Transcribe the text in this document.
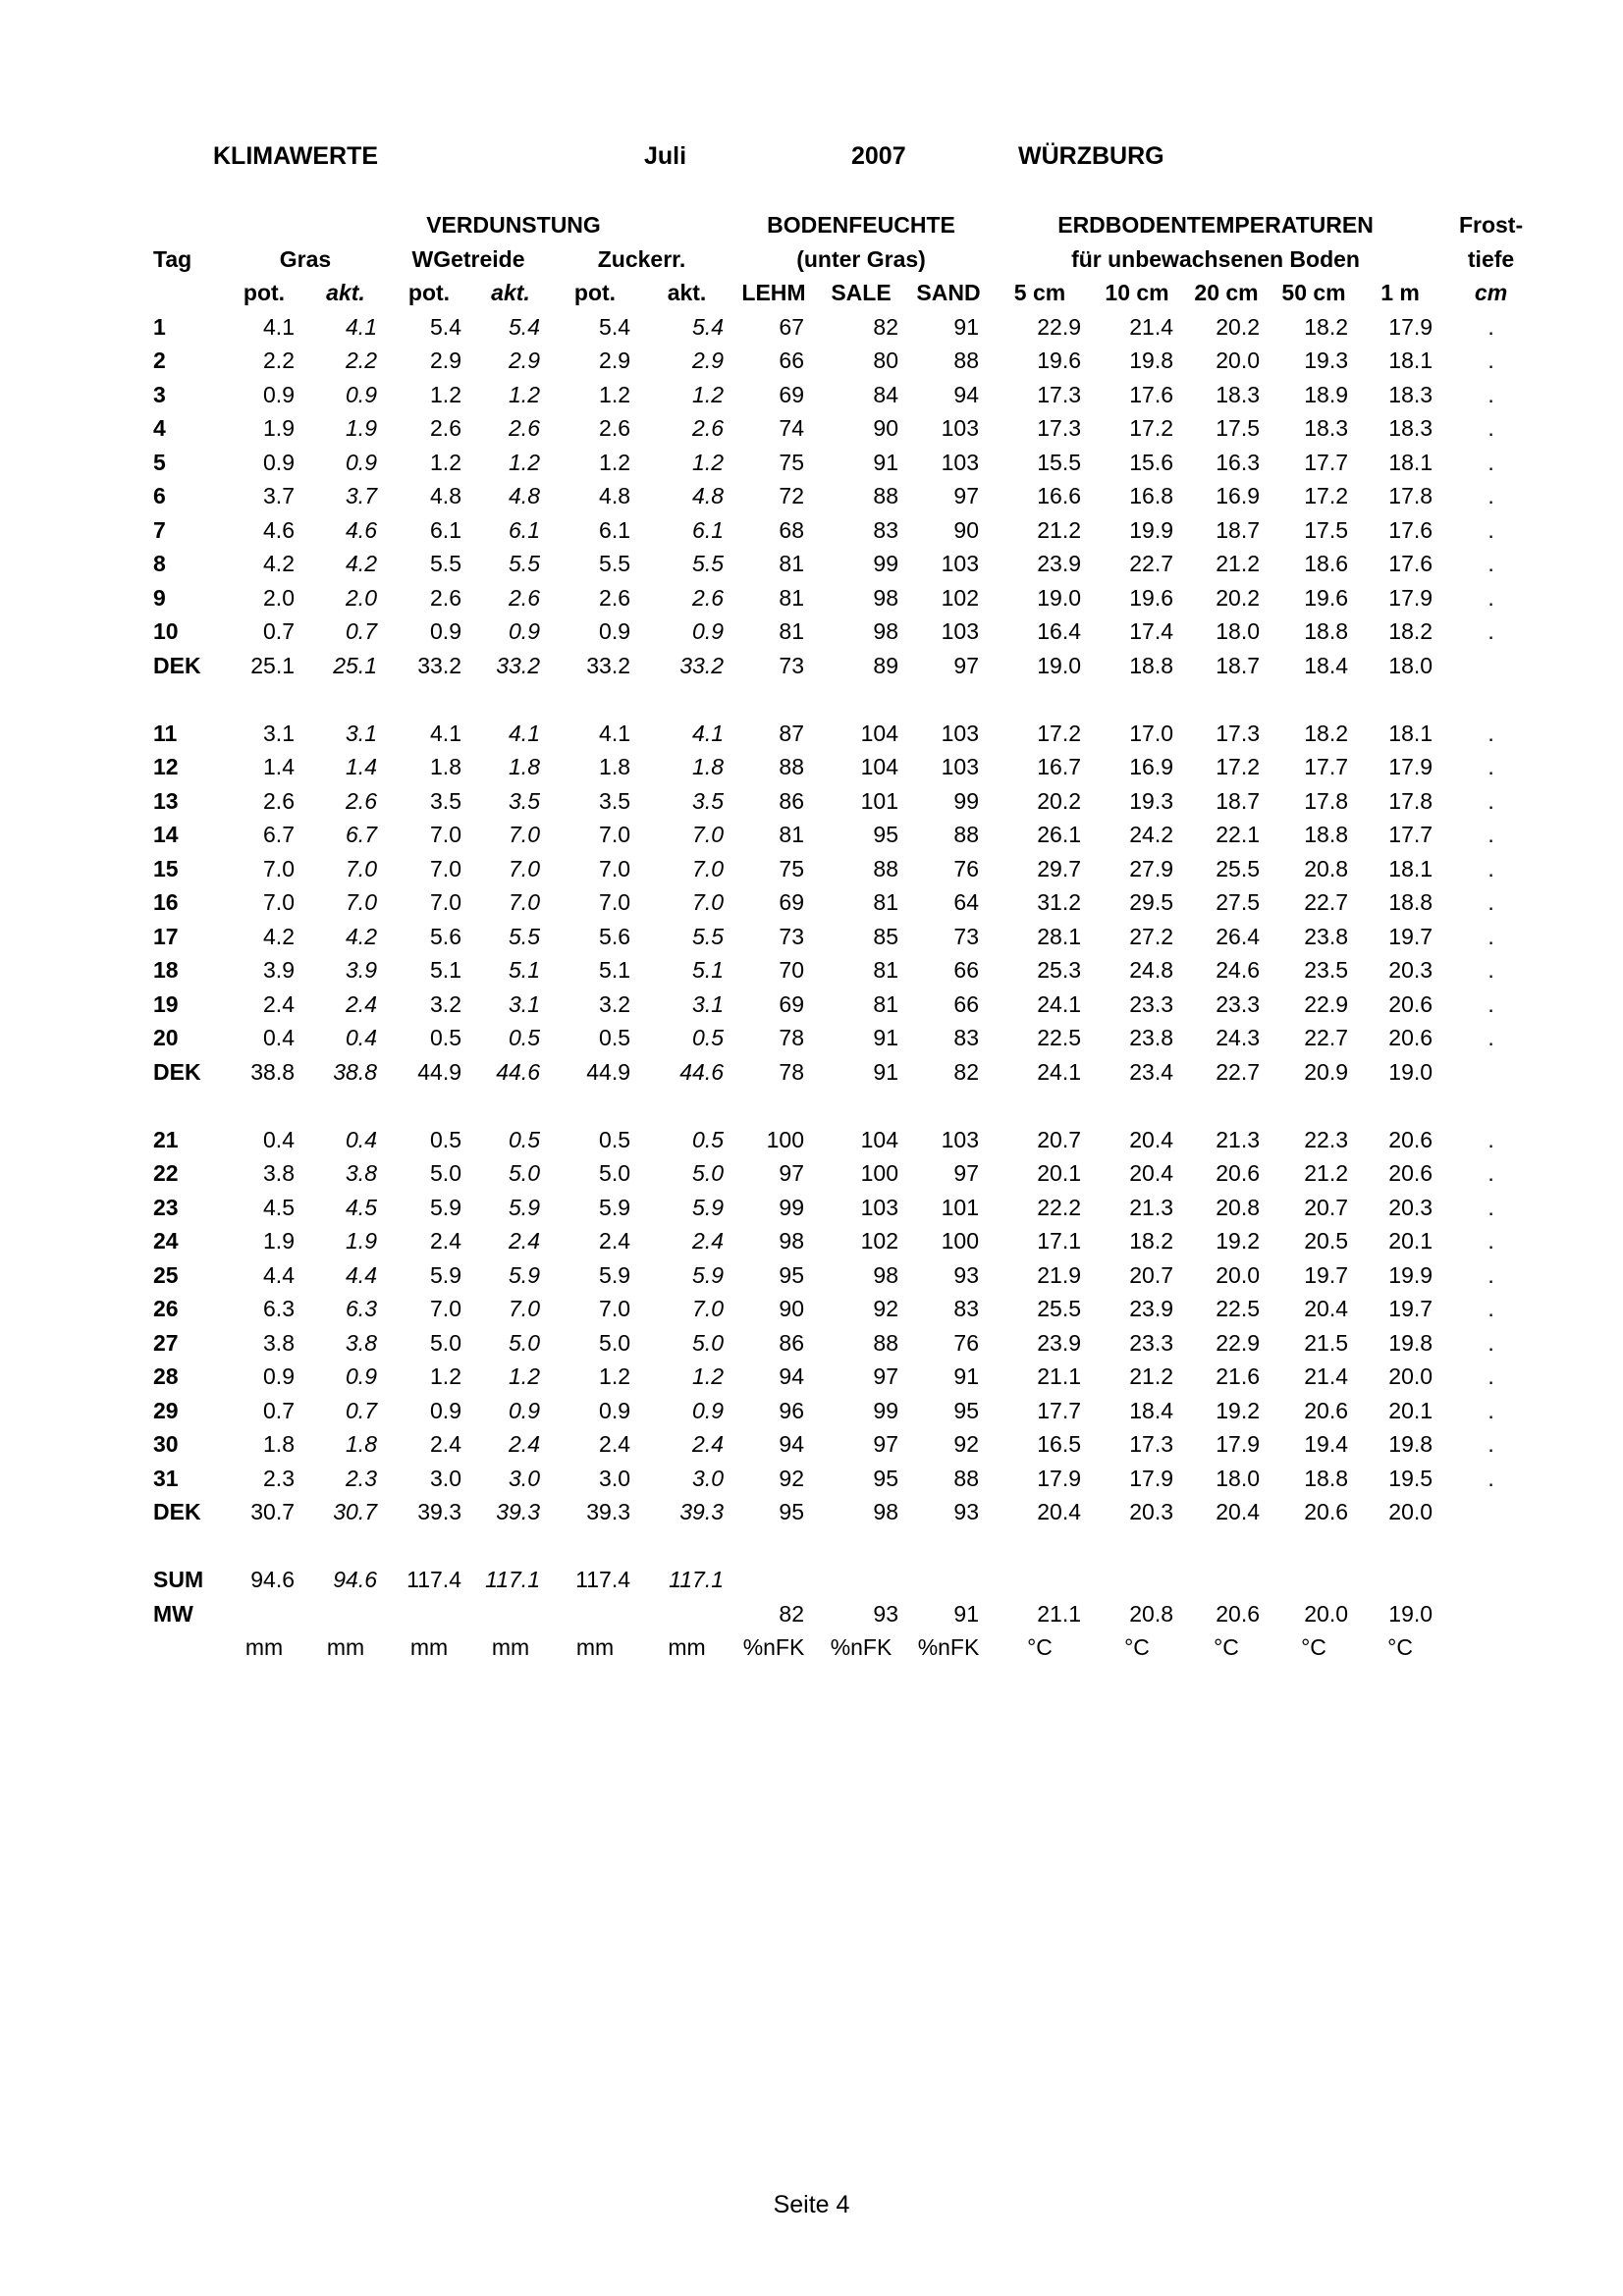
KLIMAWERTE	Juli	2007	WÜRZBURG
			VERDUNSTUNG				BODENFEUCHTE			ERDBODENTEMPERATUREN					Frost-
Tag	Gras		WGetreide		Zuckerr.		(unter Gras)			für unbewachsenen Boden					tiefe
	pot.	akt.	pot.	akt.	pot.	akt.	LEHM	SALE	SAND	5 cm	10 cm	20 cm	50 cm	1 m	cm
1	4.1	4.1	5.4	5.4	5.4	5.4	67	82	91	22.9	21.4	20.2	18.2	17.9	.
2	2.2	2.2	2.9	2.9	2.9	2.9	66	80	88	19.6	19.8	20.0	19.3	18.1	.
3	0.9	0.9	1.2	1.2	1.2	1.2	69	84	94	17.3	17.6	18.3	18.9	18.3	.
4	1.9	1.9	2.6	2.6	2.6	2.6	74	90	103	17.3	17.2	17.5	18.3	18.3	.
5	0.9	0.9	1.2	1.2	1.2	1.2	75	91	103	15.5	15.6	16.3	17.7	18.1	.
6	3.7	3.7	4.8	4.8	4.8	4.8	72	88	97	16.6	16.8	16.9	17.2	17.8	.
7	4.6	4.6	6.1	6.1	6.1	6.1	68	83	90	21.2	19.9	18.7	17.5	17.6	.
8	4.2	4.2	5.5	5.5	5.5	5.5	81	99	103	23.9	22.7	21.2	18.6	17.6	.
9	2.0	2.0	2.6	2.6	2.6	2.6	81	98	102	19.0	19.6	20.2	19.6	17.9	.
10	0.7	0.7	0.9	0.9	0.9	0.9	81	98	103	16.4	17.4	18.0	18.8	18.2	.
DEK	25.1	25.1	33.2	33.2	33.2	33.2	73	89	97	19.0	18.8	18.7	18.4	18.0	

11	3.1	3.1	4.1	4.1	4.1	4.1	87	104	103	17.2	17.0	17.3	18.2	18.1	.
12	1.4	1.4	1.8	1.8	1.8	1.8	88	104	103	16.7	16.9	17.2	17.7	17.9	.
13	2.6	2.6	3.5	3.5	3.5	3.5	86	101	99	20.2	19.3	18.7	17.8	17.8	.
14	6.7	6.7	7.0	7.0	7.0	7.0	81	95	88	26.1	24.2	22.1	18.8	17.7	.
15	7.0	7.0	7.0	7.0	7.0	7.0	75	88	76	29.7	27.9	25.5	20.8	18.1	.
16	7.0	7.0	7.0	7.0	7.0	7.0	69	81	64	31.2	29.5	27.5	22.7	18.8	.
17	4.2	4.2	5.6	5.5	5.6	5.5	73	85	73	28.1	27.2	26.4	23.8	19.7	.
18	3.9	3.9	5.1	5.1	5.1	5.1	70	81	66	25.3	24.8	24.6	23.5	20.3	.
19	2.4	2.4	3.2	3.1	3.2	3.1	69	81	66	24.1	23.3	23.3	22.9	20.6	.
20	0.4	0.4	0.5	0.5	0.5	0.5	78	91	83	22.5	23.8	24.3	22.7	20.6	.
DEK	38.8	38.8	44.9	44.6	44.9	44.6	78	91	82	24.1	23.4	22.7	20.9	19.0	

21	0.4	0.4	0.5	0.5	0.5	0.5	100	104	103	20.7	20.4	21.3	22.3	20.6	.
22	3.8	3.8	5.0	5.0	5.0	5.0	97	100	97	20.1	20.4	20.6	21.2	20.6	.
23	4.5	4.5	5.9	5.9	5.9	5.9	99	103	101	22.2	21.3	20.8	20.7	20.3	.
24	1.9	1.9	2.4	2.4	2.4	2.4	98	102	100	17.1	18.2	19.2	20.5	20.1	.
25	4.4	4.4	5.9	5.9	5.9	5.9	95	98	93	21.9	20.7	20.0	19.7	19.9	.
26	6.3	6.3	7.0	7.0	7.0	7.0	90	92	83	25.5	23.9	22.5	20.4	19.7	.
27	3.8	3.8	5.0	5.0	5.0	5.0	86	88	76	23.9	23.3	22.9	21.5	19.8	.
28	0.9	0.9	1.2	1.2	1.2	1.2	94	97	91	21.1	21.2	21.6	21.4	20.0	.
29	0.7	0.7	0.9	0.9	0.9	0.9	96	99	95	17.7	18.4	19.2	20.6	20.1	.
30	1.8	1.8	2.4	2.4	2.4	2.4	94	97	92	16.5	17.3	17.9	19.4	19.8	.
31	2.3	2.3	3.0	3.0	3.0	3.0	92	95	88	17.9	17.9	18.0	18.8	19.5	.
DEK	30.7	30.7	39.3	39.3	39.3	39.3	95	98	93	20.4	20.3	20.4	20.6	20.0	

SUM	94.6	94.6	117.4	117.1	117.4	117.1									
MW							82	93	91	21.1	20.8	20.6	20.0	19.0	
	mm	mm	mm	mm	mm	mm	%nFK	%nFK	%nFK	°C	°C	°C	°C	°C	
Seite 4
